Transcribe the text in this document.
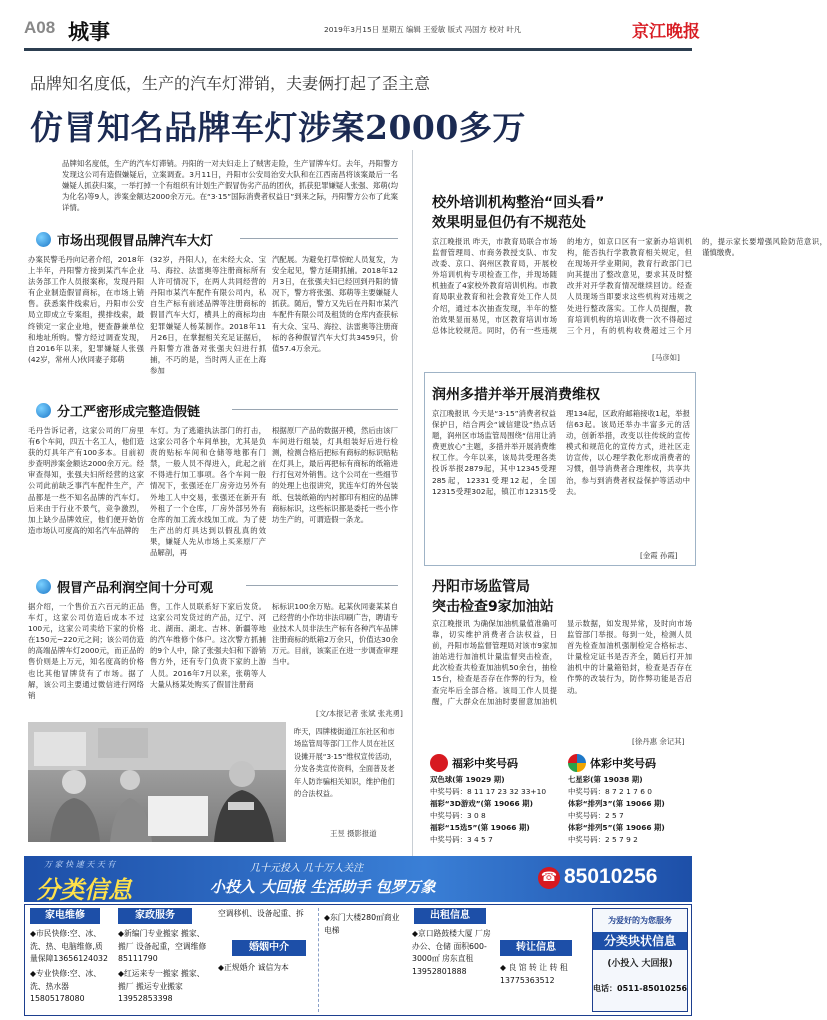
A08 城事	2019年3月15日 星期五 编辑 王爱敏 版式 冯国方 校对 叶凡	京江晚报
品牌知名度低，生产的汽车灯滞销，夫妻俩打起了歪主意
仿冒知名品牌车灯涉案2000多万
品牌知名度低，生产的汽车灯滞销。丹阳的一对夫妇走上了贼害走险，生产冒牌车灯。去年，丹阳警方发现这公司有造假嫌疑后，立案调查。3月11日，丹阳市公安局治安大队和在江西南昌将该案最后一名嫌疑人抓获归案，一举打掉一个有组织有计划生产假冒伪劣产品的团伙，抓获犯罪嫌疑人张强、郑萌(均为化名)等9人，涉案金额达2000余万元。在“3·15”国际消费者权益日”到来之际，丹阳警方公布了此案详情。
市场出现假冒品牌汽车大灯
办案民警毛丹向记者介绍，2018年上半年，丹阳警方接到某汽车企业法务部工作人员报案称，发现丹阳有企业制造假冒商标，在市场上销售。获悉案件线索后，丹阳市公安局立即成立专案组，摸排线索，最终锁定一家企业地，便查静兼单位和地址所购。警方经过调查发现，自2016年以来，犯罪嫌疑人张强(42岁，常州人)伙同妻子郑萌
(32岁，丹阳人)，在未经大众、宝马、海拉、法雷奥等注册商标所有人许可情况下，在两人共同经营的丹阳市某汽车配件有限公司内，私自生产标有前述品牌等注册商标的假冒汽车大灯，横具上的商标均由犯罪嫌疑人杨某制作。2018年11月26日，在掌握相关充足证据后，丹阳警方准备对张强夫妇进行抓捕，不巧的是，当时两人正在上海参加
汽配展。为避免打草惊蛇人员复发，为安全起见，警方延期抓捕。2018年12月3日，在张强夫妇已经回到丹阳的情况下，警方将张强、郑萌等主要嫌疑人抓获。随后，警方又先后在丹阳市某汽车配件有限公司及租赁的仓库内查获标有大众、宝马、海拉、法雷奥等注册商标的各种假冒汽车大灯共3459只，价值57.4万余元。
分工严密形成完整造假链
毛丹告诉记者，这家公司的厂房里有6个车间，四五十名工人，他们造获的灯具年产有100多本。目前初步查明涉案金额达2000余万元。经审查得知，张强夫妇所经营的这家公司此前缺乏事汽车配件生产，产品都是一些不知名品牌的汽车灯。后来由于行业不景气，竞争激烈，加上缺少品牌效应，他们便开始仿造市场认可度高的知名汽车品牌的
车灯。为了逃避执法部门的打击，这家公司各个车间单独，尤其是负责的贴标车间和仓储等地都有门禁，一般人员不得进入，此起之前不得进行加工事项。各个车间一般情况下，张强还在厂房旁边另外有外地工人中交易，张强还在新开有外租了一个仓库，厂房外部另外有仓库的加工流水线加工成。为了使生产出的灯具达到以假乱真的效果，嫌疑人先从市场上买来原厂产品解剖，再
根据原厂产品的数据开模，然后由该厂车间进行组装，灯具组装好后进行检测，检测合格后把标有商标的标识贴粘在灯具上，最后再把标有商标的纸箱进行打包对外销售。这个公司在一些细节的处理上也很讲究，犹连车灯的外包装纸、包装纸箱的内衬都印有相应的品牌商标标识，这些标识都是委托一些小作坊生产的，可谓造假一条龙。
假冒产品利润空间十分可观
据介绍，一个售价五六百元的正品车灯，这家公司仿造后成本不过100元，这家公司卖给下家的价格在150元~220元之间；该公司仿造的高端品牌车灯2000元，而正品的售价则是上万元，知名度高的价格也比其他冒牌货有了市场。据了解，该公司主要通过微信进行网络销
售，工作人员联系好下家后发货。这家公司发货过的产品，辽宁、河北、湖南、湖北、吉林、新疆等地的汽车维修个体户。这次警方抓捕的9个人中，除了张强夫妇和下游销售方外，还有专门负责下家的上游人员。2016年7月以来，张萌等人大量从杨某处购买了假冒注册商
标标识100余万贴。起某伙同妻某某自己经营的小作坊非法印刷广告，聘请专业技术人员非法生产标有各种汽车品牌注册商标的纸箱2万余只，价值达30余万元。目前，该案正在进一步调查审理当中。
[文/本报记者 张斌 张兆勇]
昨天，四牌楼街道江东社区和市场监管局等部门工作人员在社区设摊开展“3·15”维权宣传活动，分发各类宣传资料，全面普及老年人防诈骗相关知识，维护他们的合法权益。
王昱 摄影报道
校外培训机构整治“回头看”
效果明显但仍有不规范处
京江晚报讯 昨天，市教育局联合市场监督管理局、市商务教授支队、市发改委、京口、润州区教育局，开展校外培训机构专项检查工作，并现场随机抽查了4家校外教育培训机构。市教育局职业教育和社会教育处工作人员介绍，通过本次抽查发现，半年的整治效果显而易见，市区教育培训市场总体比较规范。同时，仍有一些违规的地方，如京口区有一家新办培训机构，能否执行学教教育相关规定，但在现场开学业期间，教育行政部门已向其提出了整改意见，要求其及时整改并对开学教育情况继续回访。经查人员现场当即要求这些机构对违规之处进行整改落实。工作人员提醒，教育培训机构的培训收费一次不得超过三个月，有的机构收费超过三个月的，提示家长要增强风险防范意识，谨慎缴费。
[马彦如]
润州多措并举开展消费维权
京江晚报讯 今天是“3·15”消费者权益保护日，结合两会“诚信建设”热点话题，润州区市场监管局围绕“信用让消费更放心”主题，多措并举开展消费维权工作。今年以来，该局共受理各类投诉举报2879起，其中12345受理285起，12331受理12起，全国12315受理302起，镇江市12315受理134起，区政府邮箱接收1起，举报信63起。该局还举办丰富多元的活动，创新举措，改变以往传统的宣传模式和规范化的宣传方式，进社区走访宣传，以心理学教化形成消费者的习惯，倡导消费者合理维权，共享共治，参与到消费者权益保护等活动中去。
[金霞 孙霞]
丹阳市场监管局
突击检查9家加油站
京江晚报讯 为确保加油机量值准确可靠，切实维护消费者合法权益，日前，丹阳市场监督管理局对该市9家加油站进行加油机计量监督突击检查，此次检查共检查加油机50余台，抽检15台，检查是否存在作弊的行为，检查完毕后全部合格。该局工作人员提醒，广大群众在加油时要留意加油机显示数据，如发现异常，及时向市场监管部门举报。每到一处，检测人员首先检查加油机强制检定合格标志、计量检定证书是否齐全，随后打开加油机中的计量箱铅封，检查是否存在作弊的改装行为，防作弊功能是否启动。
[徐丹惠 余记其]
福彩中奖号码
双色球(第 19029 期)
中奖号码：8 11 17 23 32 33+10
福彩“3D游戏”(第 19066 期)
中奖号码：3 0 8
福彩“15选5”(第 19066 期)
中奖号码：3 4 5 7
体彩中奖号码
七星彩(第 19038 期)
中奖号码：8 7 2 1 7 6 0
体彩“排列3”(第 19066 期)
中奖号码：2 5 7
体彩“排列5”(第 19066 期)
中奖号码：2 5 7 9 2
万 家 快 速 天 天 有
分类信息
几十元投入 几十万人关注
小投入 大回报 生活助手 包罗万象
☎ 85010256
家电维修
◆市民快修:空、冰、洗、热、电脑维修,质量保障13656124032
◆专业快修:空、冰、洗、热水器 15805178080
家政服务
◆新编门专业搬家 搬家、搬厂 设备起重，空调维修 85111790
◆红运来专一搬家 搬家、搬厂 搬运专业搬家 13952853398
空调移机、设备起重、拆
婚姻中介
◆正规婚介 诚信为本
◆东门大楼280㎡商业电梯
出租信息
◆京口路鼓楼大厦 厂房 办公、仓储 面积600-3000㎡ 房东直租 13952801888
转让信息
◆ 良 馆 转 让 转 租 13775363512
为爱好的为您服务
分类块状信息
(小投入 大回报)
电话：0511-85010256
